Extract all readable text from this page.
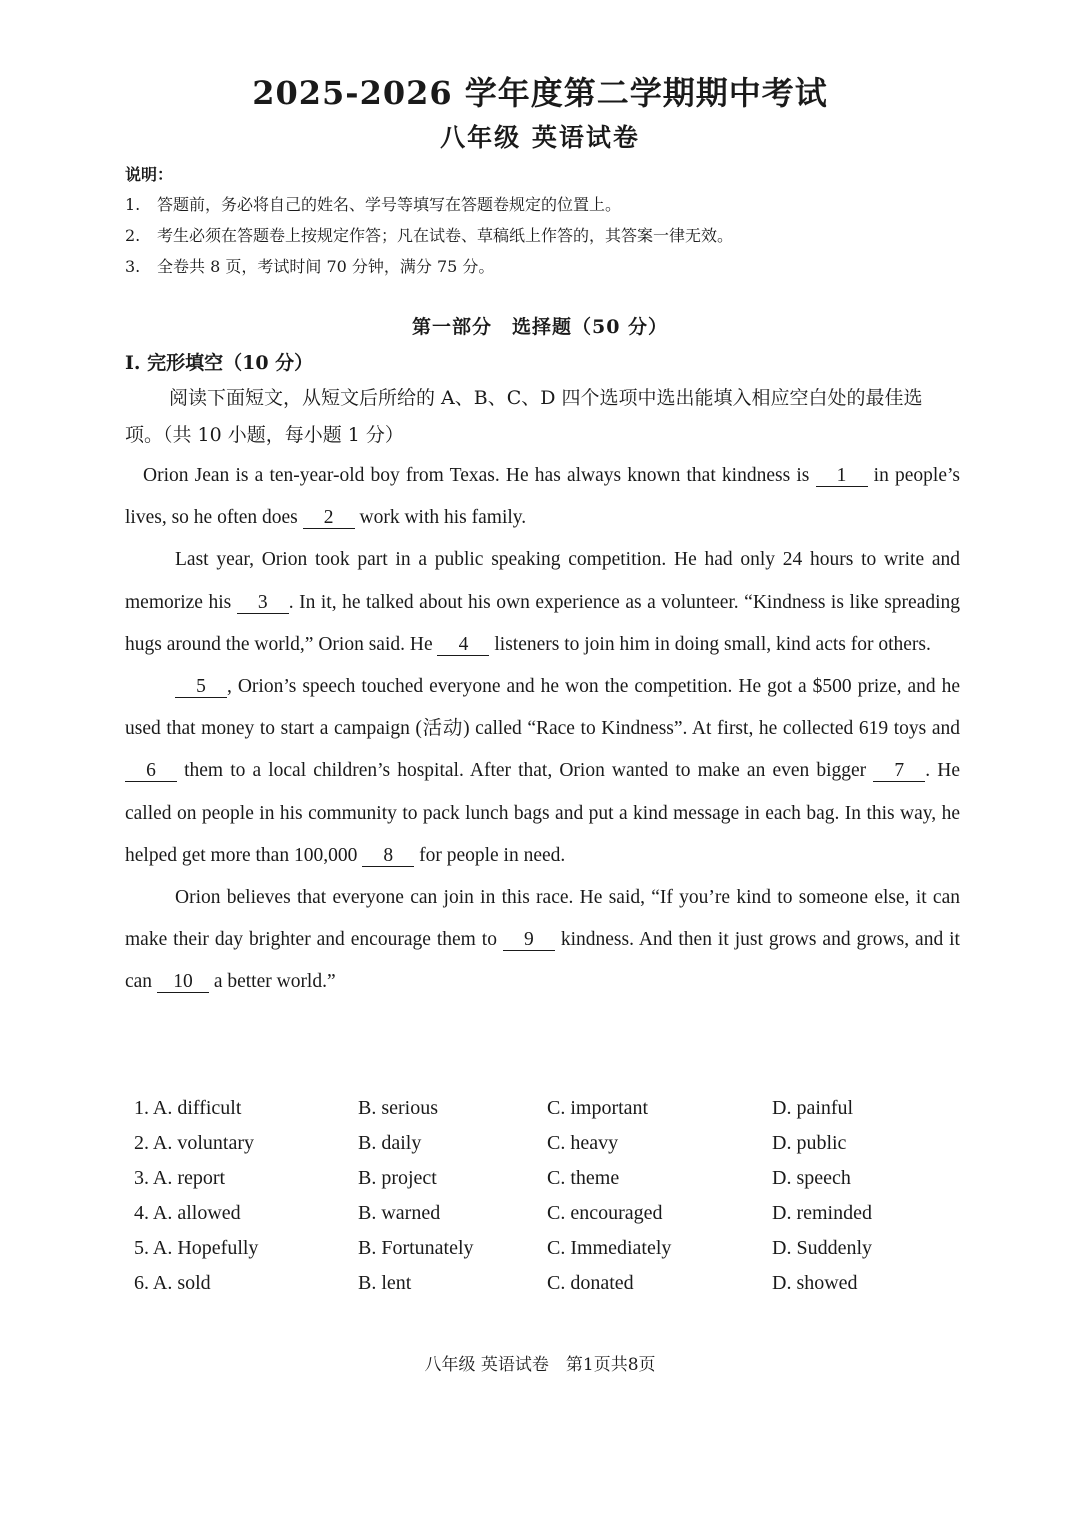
2025-2026 学年度第二学期期中考试
八年级 英语试卷
说明：
1. 答题前，务必将自己的姓名、学号等填写在答题卷规定的位置上。
2. 考生必须在答题卷上按规定作答；凡在试卷、草稿纸上作答的，其答案一律无效。
3. 全卷共 8 页，考试时间 70 分钟，满分 75 分。
第一部分　选择题（50 分）
I. 完形填空（10 分）
阅读下面短文，从短文后所给的 A、B、C、D 四个选项中选出能填入相应空白处的最佳选项。（共 10 小题，每小题 1 分）

Orion Jean is a ten-year-old boy from Texas. He has always known that kindness is 1 in people’s lives, so he often does 2 work with his family.

Last year, Orion took part in a public speaking competition. He had only 24 hours to write and memorize his 3 . In it, he talked about his own experience as a volunteer. “Kindness is like spreading hugs around the world,” Orion said. He 4 listeners to join him in doing small, kind acts for others.

5 , Orion’s speech touched everyone and he won the competition. He got a $500 prize, and he used that money to start a campaign (活动) called “Race to Kindness”. At first, he collected 619 toys and 6 them to a local children’s hospital. After that, Orion wanted to make an even bigger 7 . He called on people in his community to pack lunch bags and put a kind message in each bag. In this way, he helped get more than 100,000 8 for people in need.

Orion believes that everyone can join in this race. He said, “If you’re kind to someone else, it can make their day brighter and encourage them to 9 kindness. And then it just grows and grows, and it can 10 a better world.”

1. A. difficult	B. serious	C. important	D. painful
2. A. voluntary	B. daily	C. heavy	D. public
3. A. report	B. project	C. theme	D. speech
4. A. allowed	B. warned	C. encouraged	D. reminded
5. A. Hopefully	B. Fortunately	C. Immediately	D. Suddenly
6. A. sold	B. lent	C. donated	D. showed
八年级 英语试卷　第1页共8页
